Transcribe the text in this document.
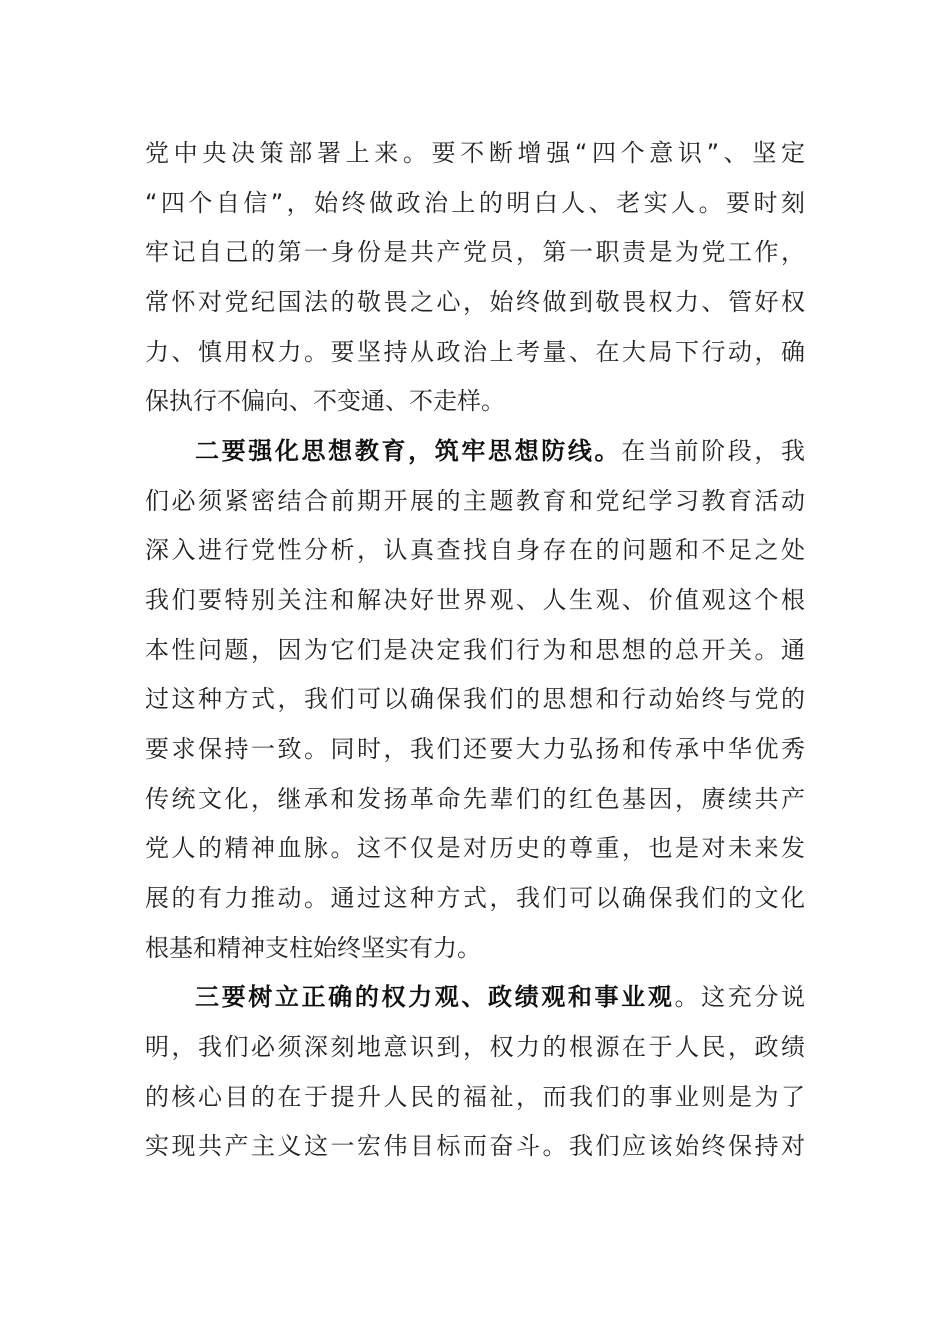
党中央决策部署上来。要不断增强“四个意识”、坚定
“四个自信”，始终做政治上的明白人、老实人。要时刻
牢记自己的第一身份是共产党员，第一职责是为党工作，
常怀对党纪国法的敬畏之心，始终做到敬畏权力、管好权
力、慎用权力。要坚持从政治上考量、在大局下行动，确
保执行不偏向、不变通、不走样。
二要强化思想教育，筑牢思想防线。在当前阶段，我
们必须紧密结合前期开展的主题教育和党纪学习教育活动
深入进行党性分析，认真查找自身存在的问题和不足之处
我们要特别关注和解决好世界观、人生观、价值观这个根
本性问题，因为它们是决定我们行为和思想的总开关。通
过这种方式，我们可以确保我们的思想和行动始终与党的
要求保持一致。同时，我们还要大力弘扬和传承中华优秀
传统文化，继承和发扬革命先辈们的红色基因，赓续共产
党人的精神血脉。这不仅是对历史的尊重，也是对未来发
展的有力推动。通过这种方式，我们可以确保我们的文化
根基和精神支柱始终坚实有力。
三要树立正确的权力观、政绩观和事业观。这充分说
明，我们必须深刻地意识到，权力的根源在于人民，政绩
的核心目的在于提升人民的福祉，而我们的事业则是为了
实现共产主义这一宏伟目标而奋斗。我们应该始终保持对
